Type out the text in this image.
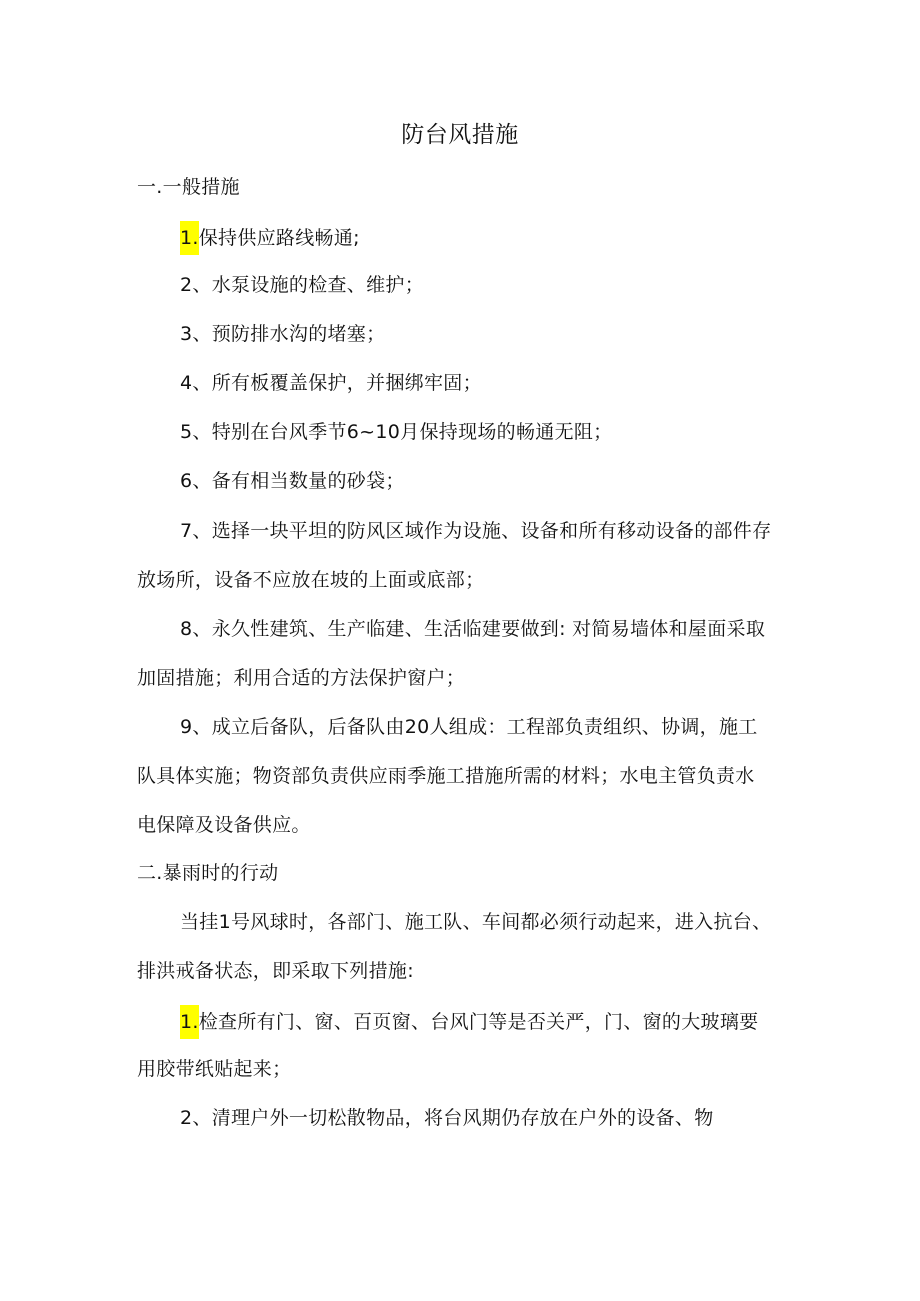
防台风措施
一.一般措施
1.保持供应路线畅通;
2、水泵设施的检查、维护；
3、预防排水沟的堵塞；
4、所有板覆盖保护，并捆绑牢固；
5、特别在台风季节6~10月保持现场的畅通无阻；
6、备有相当数量的砂袋；
7、选择一块平坦的防风区域作为设施、设备和所有移动设备的部件存
放场所，设备不应放在坡的上面或底部；
8、永久性建筑、生产临建、生活临建要做到: 对简易墙体和屋面采取
加固措施；利用合适的方法保护窗户；
9、成立后备队，后备队由20人组成：工程部负责组织、协调，施工
队具体实施；物资部负责供应雨季施工措施所需的材料；水电主管负责水
电保障及设备供应。
二.暴雨时的行动
当挂1号风球时，各部门、施工队、车间都必须行动起来，进入抗台、
排洪戒备状态，即采取下列措施:
1.检查所有门、窗、百页窗、台风门等是否关严，门、窗的大玻璃要
用胶带纸贴起来；
2、清理户外一切松散物品，将台风期仍存放在户外的设备、物
